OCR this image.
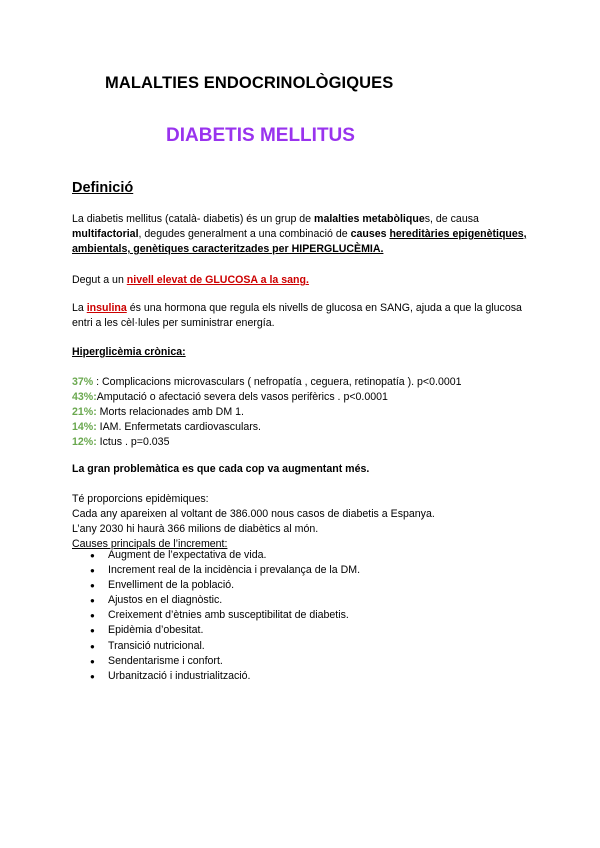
MALALTIES ENDOCRINOLÒGIQUES
DIABETIS MELLITUS
Definició
La diabetis mellitus (català- diabetis) és un grup de malalties metabòliques, de causa multifactorial, degudes generalment a una combinació de causes hereditàries epigenètiques, ambientals, genètiques caracteritzades per HIPERGLUCÈMIA.
Degut a un nivell elevat de GLUCOSA a la sang.
La insulina és una hormona que regula els nivells de glucosa en SANG, ajuda a que la glucosa entri a les cèl·lules per suministrar energía.
Hiperglicèmia crònica:
37% : Complicacions microvasculars ( nefropatía , ceguera, retinopatía ). p<0.0001
43%:Amputació o afectació severa dels vasos perifèrics . p<0.0001
21%: Morts relacionades amb DM 1.
14%: IAM. Enfermetats cardiovasculars.
12%: Ictus . p=0.035
La gran problemàtica es que cada cop va augmentant més.
Té proporcions epidèmiques:
Cada any apareixen al voltant de 386.000 nous casos de diabetis a Espanya.
L’any 2030 hi haurà 366 milions de diabètics al món.
Causes principals de l’increment:
● Augment de l’expectativa de vida.
● Increment real de la incidència i prevalança de la DM.
● Envelliment de la població.
● Ajustos en el diagnòstic.
● Creixement d’ètnies amb susceptibilitat de diabetis.
● Epidèmia d’obesitat.
● Transició nutricional.
● Sendentarisme i confort.
● Urbanització i industrialització.
